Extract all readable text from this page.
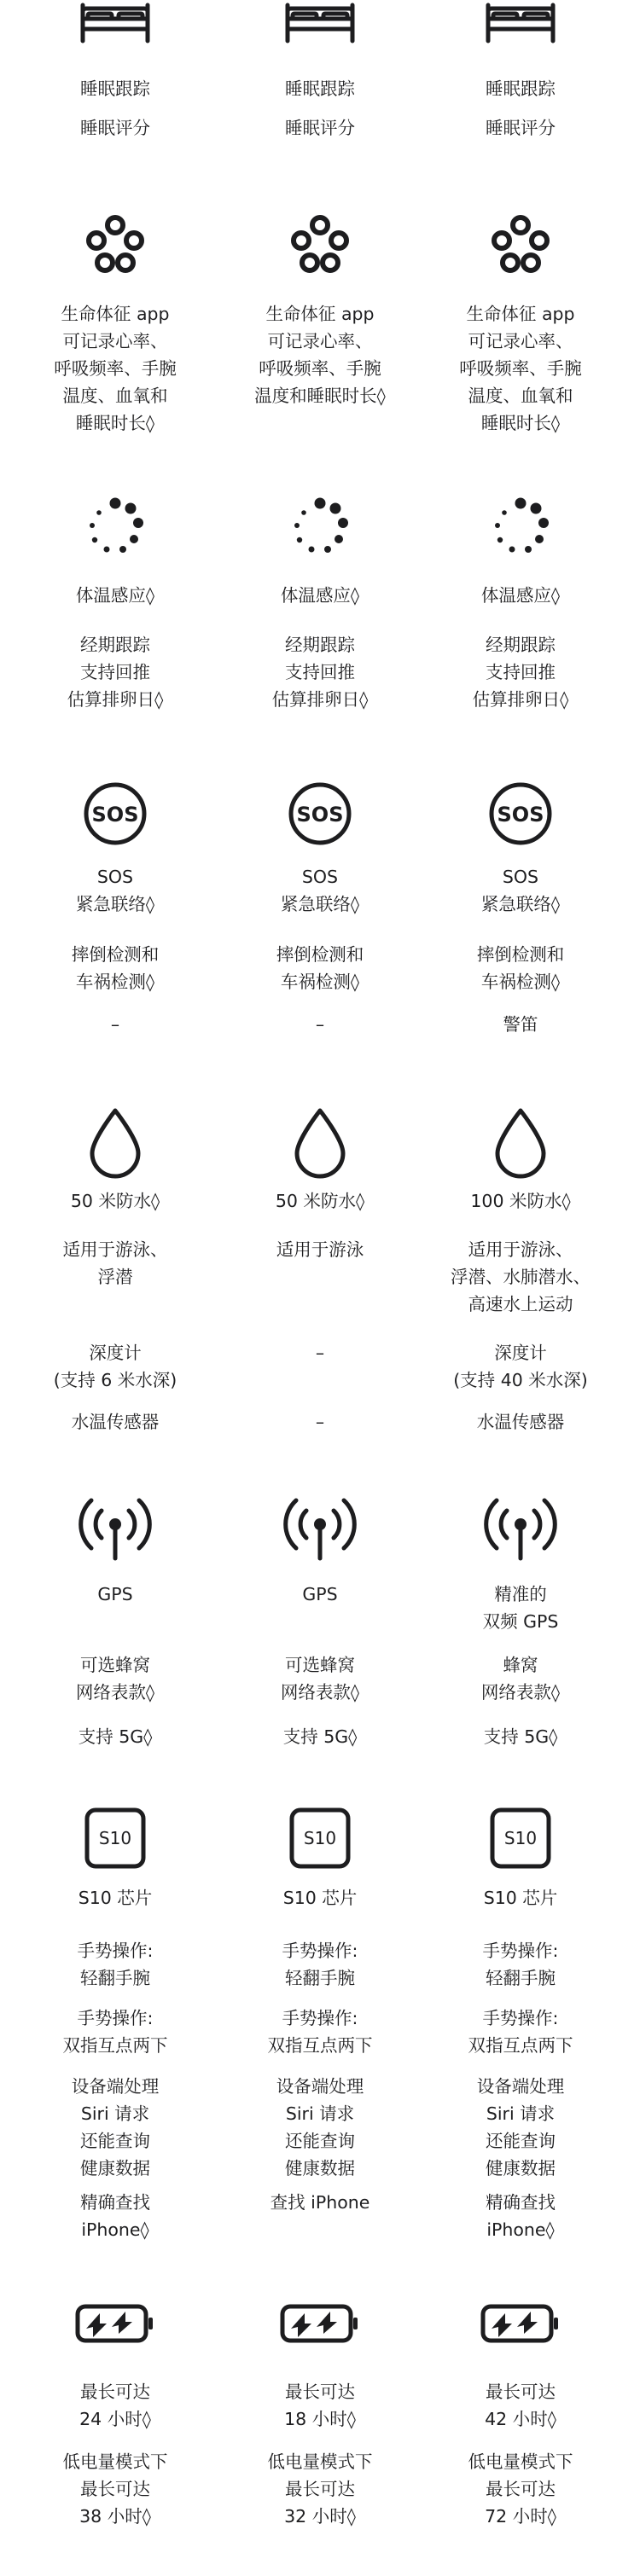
睡眠跟踪
睡眠评分
睡眠跟踪
睡眠评分
睡眠跟踪
睡眠评分
生命体征 app
可记录心率、
呼吸频率、手腕
温度、血氧和
睡眠时长◊
生命体征 app
可记录心率、
呼吸频率、手腕
温度和睡眠时长◊
生命体征 app
可记录心率、
呼吸频率、手腕
温度、血氧和
睡眠时长◊
体温感应◊
经期跟踪
支持回推
估算排卵日◊
体温感应◊
经期跟踪
支持回推
估算排卵日◊
体温感应◊
经期跟踪
支持回推
估算排卵日◊
SOS
SOS
紧急联络◊
摔倒检测和
车祸检测◊
–
SOS
SOS
紧急联络◊
摔倒检测和
车祸检测◊
–
SOS
SOS
紧急联络◊
摔倒检测和
车祸检测◊
警笛
50 米防水◊
适用于游泳、
浮潜
深度计
(支持 6 米水深)
水温传感器
50 米防水◊
适用于游泳
–
–
100 米防水◊
适用于游泳、
浮潜、水肺潜水、
高速水上运动
深度计
(支持 40 米水深)
水温传感器
GPS
可选蜂窝
网络表款◊
支持 5G◊
GPS
可选蜂窝
网络表款◊
支持 5G◊
精准的
双频 GPS
蜂窝
网络表款◊
支持 5G◊
S10
S10 芯片
手势操作:
轻翻手腕
手势操作:
双指互点两下
设备端处理
Siri 请求
还能查询
健康数据
精确查找
iPhone◊
S10
S10 芯片
手势操作:
轻翻手腕
手势操作:
双指互点两下
设备端处理
Siri 请求
还能查询
健康数据
查找 iPhone
S10
S10 芯片
手势操作:
轻翻手腕
手势操作:
双指互点两下
设备端处理
Siri 请求
还能查询
健康数据
精确查找
iPhone◊
最长可达
24 小时◊
低电量模式下
最长可达
38 小时◊
最长可达
18 小时◊
低电量模式下
最长可达
32 小时◊
最长可达
42 小时◊
低电量模式下
最长可达
72 小时◊
